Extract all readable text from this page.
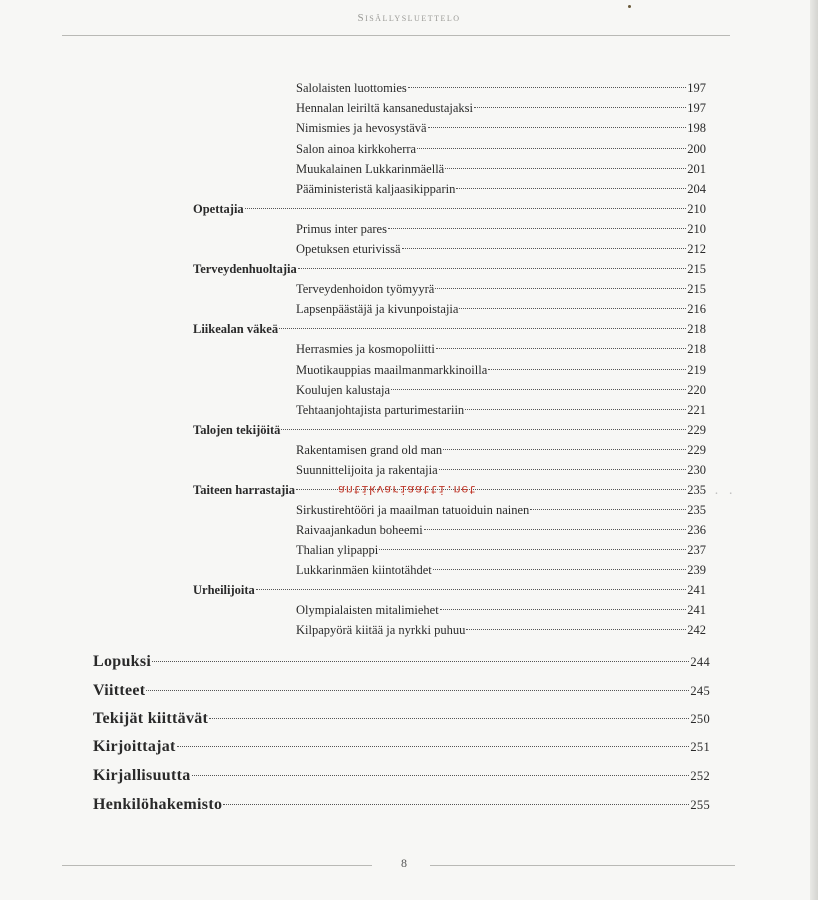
Sisällysluettelo
Salolaisten luottomies	197
Hennalan leiriltä kansanedustajaksi	197
Nimismies ja hevosystävä	198
Salon ainoa kirkkoherra	200
Muukalainen Lukkarinmäellä	201
Pääministeristä kaljaasikipparin	204
Opettajia	210
Primus inter pares	210
Opetuksen eturivissä	212
Terveydenhuoltajia	215
Terveydenhoidon työmyyrä	215
Lapsenpäästäjä ja kivunpoistajia	216
Liikealan väkeä	218
Herrasmies ja kosmopoliitti	218
Muotikauppias maailmanmarkkinoilla	219
Koulujen kalustaja	220
Tehtaanjohtajista parturimestariin	221
Talojen tekijöitä	229
Rakentamisen grand old man	229
Suunnittelijoita ja rakentajia	230
Taiteen harrastajia	235
Sirkustirehtööri ja maailman tatuoiduin nainen	235
Raivaajankadun boheemi	236
Thalian ylipappi	237
Lukkarinmäen kiintotähdet	239
Urheilijoita	241
Olympialaisten mitalimiehet	241
Kilpapyörä kiitää ja nyrkki puhuu	242
Lopuksi	244
Viitteet	245
Tekijät kiittävät	250
Kirjoittajat	251
Kirjallisuutta	252
Henkilöhakemisto	255
antikvariaatti.net	· · ·
8
